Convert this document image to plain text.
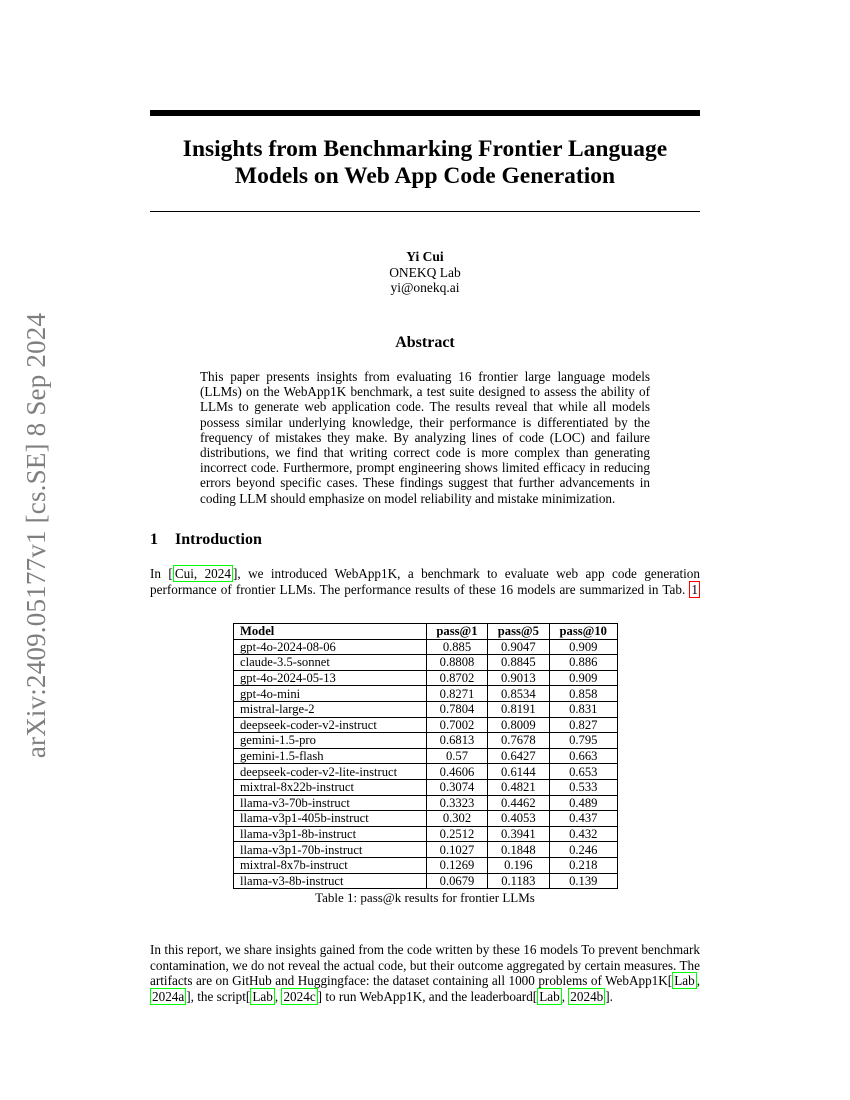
arXiv:2409.05177v1 [cs.SE] 8 Sep 2024
Insights from Benchmarking Frontier Language
Models on Web App Code Generation
Yi Cui
ONEKQ Lab
yi@onekq.ai
Abstract

This paper presents insights from evaluating 16 frontier large language models (LLMs) on the WebApp1K benchmark, a test suite designed to assess the ability of LLMs to generate web application code. The results reveal that while all models possess similar underlying knowledge, their performance is differentiated by the frequency of mistakes they make. By analyzing lines of code (LOC) and failure distributions, we find that writing correct code is more complex than generating incorrect code. Furthermore, prompt engineering shows limited efficacy in reducing errors beyond specific cases. These findings suggest that further advancements in coding LLM should emphasize on model reliability and mistake minimization.

1 Introduction

In [ Cui, 2024 ], we introduced WebApp1K, a benchmark to evaluate web app code generation performance of frontier LLMs. The performance results of these 16 models are summarized in Tab. 1

Model	pass@1	pass@5	pass@10
gpt-4o-2024-08-06	0.885	0.9047	0.909
claude-3.5-sonnet	0.8808	0.8845	0.886
gpt-4o-2024-05-13	0.8702	0.9013	0.909
gpt-4o-mini	0.8271	0.8534	0.858
mistral-large-2	0.7804	0.8191	0.831
deepseek-coder-v2-instruct	0.7002	0.8009	0.827
gemini-1.5-pro	0.6813	0.7678	0.795
gemini-1.5-flash	0.57	0.6427	0.663
deepseek-coder-v2-lite-instruct	0.4606	0.6144	0.653
mixtral-8x22b-instruct	0.3074	0.4821	0.533
llama-v3-70b-instruct	0.3323	0.4462	0.489
llama-v3p1-405b-instruct	0.302	0.4053	0.437
llama-v3p1-8b-instruct	0.2512	0.3941	0.432
llama-v3p1-70b-instruct	0.1027	0.1848	0.246
mixtral-8x7b-instruct	0.1269	0.196	0.218
llama-v3-8b-instruct	0.0679	0.1183	0.139
Table 1: pass@k results for frontier LLMs

In this report, we share insights gained from the code written by these 16 models To prevent benchmark contamination, we do not reveal the actual code, but their outcome aggregated by certain measures. The artifacts are on GitHub and Huggingface: the dataset containing all 1000 problems of WebApp1K[ Lab , 2024a ], the script[ Lab , 2024c ] to run WebApp1K, and the leaderboard[ Lab , 2024b ].
